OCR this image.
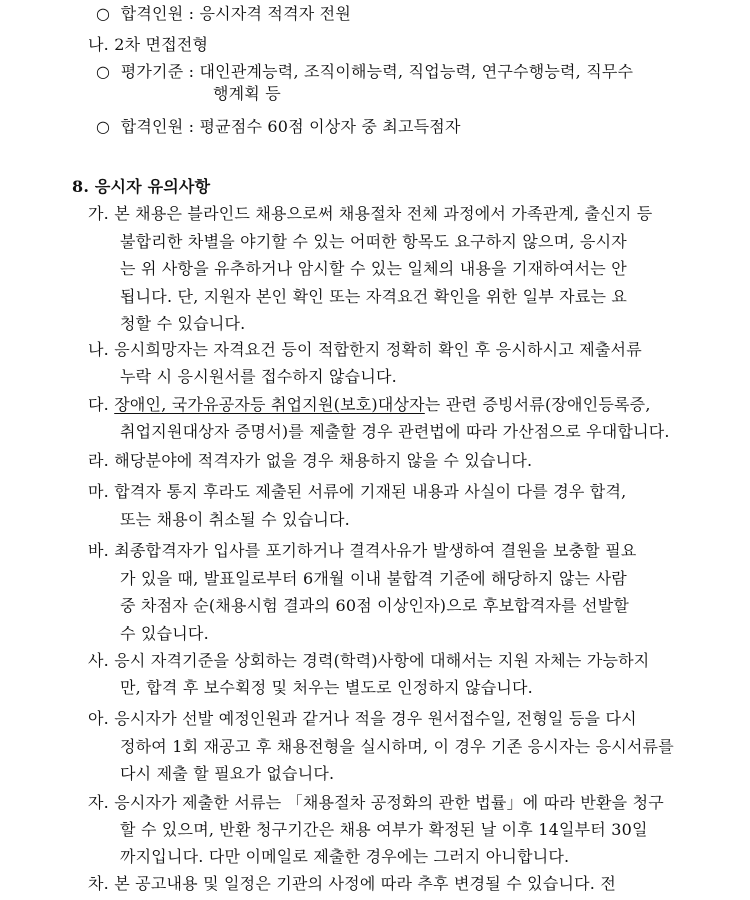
○  합격인원 : 응시자격 적격자 전원
나. 2차 면접전형
○  평가기준 : 대인관계능력, 조직이해능력, 직업능력, 연구수행능력, 직무수
행계획 등
○  합격인원 : 평균점수 60점 이상자 중 최고득점자
8. 응시자 유의사항
가. 본 채용은 블라인드 채용으로써 채용절차 전체 과정에서 가족관계, 출신지 등
불합리한 차별을 야기할 수 있는 어떠한 항목도 요구하지 않으며, 응시자
는 위 사항을 유추하거나 암시할 수 있는 일체의 내용을 기재하여서는 안
됩니다. 단, 지원자 본인 확인 또는 자격요건 확인을 위한 일부 자료는 요
청할 수 있습니다.
나. 응시희망자는 자격요건 등이 적합한지 정확히 확인 후 응시하시고 제출서류
누락 시 응시원서를 접수하지 않습니다.
다. 장애인, 국가유공자등 취업지원(보호)대상자는 관련 증빙서류(장애인등록증,
취업지원대상자 증명서)를 제출할 경우 관련법에 따라 가산점으로 우대합니다.
라. 해당분야에 적격자가 없을 경우 채용하지 않을 수 있습니다.
마. 합격자 통지 후라도 제출된 서류에 기재된 내용과 사실이 다를 경우 합격,
또는 채용이 취소될 수 있습니다.
바. 최종합격자가 입사를 포기하거나 결격사유가 발생하여 결원을 보충할 필요
가 있을 때, 발표일로부터 6개월 이내 불합격 기준에 해당하지 않는 사람
중 차점자 순(채용시험 결과의 60점 이상인자)으로 후보합격자를 선발할
수 있습니다.
사. 응시 자격기준을 상회하는 경력(학력)사항에 대해서는 지원 자체는 가능하지
만, 합격 후 보수획정 및 처우는 별도로 인정하지 않습니다.
아. 응시자가 선발 예정인원과 같거나 적을 경우 원서접수일, 전형일 등을 다시
정하여 1회 재공고 후 채용전형을 실시하며, 이 경우 기존 응시자는 응시서류를
다시 제출 할 필요가 없습니다.
자. 응시자가 제출한 서류는 「채용절차 공정화의 관한 법률」에 따라 반환을 청구
할 수 있으며, 반환 청구기간은 채용 여부가 확정된 날 이후 14일부터 30일
까지입니다. 다만 이메일로 제출한 경우에는 그러지 아니합니다.
차. 본 공고내용 및 일정은 기관의 사정에 따라 추후 변경될 수 있습니다. 전
